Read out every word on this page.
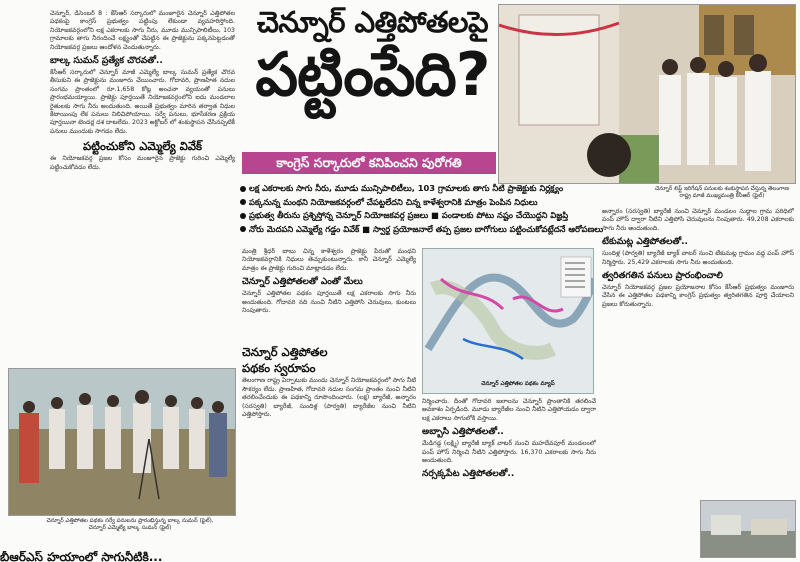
చెన్నూర్, డిసెంబర్ 8 : కేసీఆర్ సర్కారులో మంజూరైన చెన్నూర్ ఎత్తిపోతల పథకంపై కాంగ్రెస్ ప్రభుత్వం పట్టింపు లేకుండా వ్యవహరిస్తోంది. నియోజకవర్గంలోని లక్ష ఎకరాలకు సాగు నీరు, మూడు మున్సిపాలిటీలు, 103 గ్రామాలకు తాగు నీరందించే లక్ష్యంతో చేపట్టిన ఈ ప్రాజెక్టును పక్కనపెట్టడంతో నియోజకవర్గ ప్రజలు ఆందోళన చెందుతున్నారు.

బాల్క సుమన్ ప్రత్యేక చొరవతో..

కేసీఆర్ సర్కారులో చెన్నూర్ మాజీ ఎమ్మెల్యే బాల్క సుమన్ ప్రత్యేక చొరవ తీసుకుని ఈ ప్రాజెక్టును మంజూరు చేయించారు. గోదావరి, ప్రాణహిత నదుల సంగమ ప్రాంతంలో రూ.1,658 కోట్ల అంచనా వ్యయంతో పనులు ప్రారంభమయ్యాయి. ప్రాజెక్టు పూర్తయితే నియోజకవర్గంలోని ఐదు మండలాల రైతులకు సాగు నీరు అందుతుంది. అయితే ప్రభుత్వం మారిన తర్వాత నిధుల కేటాయింపు లేక పనులు నిలిచిపోయాయి. సర్వే పనులు, భూసేకరణ ప్రక్రియ పూర్తయినా టెండర్ల దశ దాటలేదు. 2023 అక్టోబర్ లో శంకుస్థాపన చేసినప్పటికీ పనులు ముందుకు సాగడం లేదు.

పట్టించుకోని ఎమ్మెల్యే వివేక్

ఈ నియోజకవర్గ ప్రజల కోసం మంజూరైన ప్రాజెక్టు గురించి ఎమ్మెల్యే పట్టించుకోవడం లేదు.

చెన్నూర్ ఎత్తిపోతల పథకం సర్వే పనులను ప్రారంభిస్తున్న బాల్క సుమన్ (ఫైల్), చెన్నూర్ ఎమ్మెల్యే బాల్క సుమన్ (ఫైల్)
బీఆర్ఎస్ హయాంలో సాగునీటికి...
చెన్నూర్ ఎత్తిపోతలపై
పట్టింపేది?
కాంగ్రెస్ సర్కారులో కనిపించని పురోగతి
చెన్నూర్ లిఫ్ట్ ఇరిగేషన్ పనులకు శంకుస్థాపన చేస్తున్న తెలంగాణ రాష్ట్ర మాజీ ముఖ్యమంత్రి కేసీఆర్ (ఫైల్)
లక్ష ఎకరాలకు సాగు నీరు, మూడు మున్సిపాలిటీలు, 103 గ్రామాలకు తాగు నీటి ప్రాజెక్టుకు నిర్లక్ష్యం
పక్కనున్న మంథని నియోజకవర్గంలో చేపట్టలేదని చిన్న కాళేశ్వరానికి మాత్రం పెంపిన నిధులు
ప్రభుత్వ తీరును ప్రశ్నిస్తోన్న చెన్నూర్ నియోజకవర్గ ప్రజలు ■ పండాలకు పోటు నష్టం చేయొద్దని విజ్ఞప్తి
నోరు మెదపని ఎమ్మెల్యే గడ్డం వివేక్ ■ స్వార్థ ప్రయోజనాలే తప్ప ప్రజల బాగోగులు పట్టించుకోవట్లేదనే ఆరోపణలు

మంత్రి శ్రీధర్ బాబు చిన్న కాళేశ్వరం ప్రాజెక్టు పేరుతో మంథని నియోజకవర్గానికి నిధులు తెచ్చుకుంటున్నారు. కానీ చెన్నూర్ ఎమ్మెల్యే మాత్రం ఈ ప్రాజెక్టు గురించి మాట్లాడడం లేదు.

చెన్నూర్ ఎత్తిపోతలతో ఎంతో మేలు

చెన్నూర్ ఎత్తిపోతల పథకం పూర్తయితే లక్ష ఎకరాలకు సాగు నీరు అందుతుంది. గోదావరి నది నుంచి నీటిని ఎత్తిపోసి చెరువులు, కుంటలు నింపుతారు.

చెన్నూర్ ఎత్తిపోతల
పథకం స్వరూపం

తెలంగాణ రాష్ట్ర ఏర్పాటుకు ముందు చెన్నూర్ నియోజకవర్గంలో సాగు నీటి సౌకర్యం లేదు. ప్రాణహిత, గోదావరి నదుల సంగమ ప్రాంతం నుంచి నీటిని తరలించేందుకు ఈ పథకాన్ని రూపొందించారు. (లక్ష) బ్యారేజీ, అన్నారం (సరస్వతి) బ్యారేజీ, సుందిళ్ల (పార్వతి) బ్యారేజీల నుంచి నీటిని ఎత్తిపోస్తారు.

చెన్నూర్ ఎత్తిపోతల పథకం మ్యాప్

నిర్మించారు. దీంతో గోదావరి జలాలను చెన్నూర్ ప్రాంతానికి తరలించే అవకాశం ఏర్పడింది. మూడు బ్యారేజీల నుంచి నీటిని ఎత్తిపోయడం ద్వారా లక్ష ఎకరాలు సాగులోకి వస్తాయి.

అబ్బాసి ఎత్తిపోతలతో..

మేడిగడ్డ (లక్ష్మి) బ్యారేజీ బ్యాక్ వాటర్ నుంచి మహదేవపూర్ మండలంలో పంప్ హౌస్ నిర్మించి నీటిని ఎత్తిపోస్తారు. 16,370 ఎకరాలకు సాగు నీరు అందుతుంది.

నర్సక్కపేట ఎత్తిపోతలతో..

అన్నారం (సరస్వతి) బ్యారేజీ నుంచి చెన్నూర్ మండలం సుద్దాల గ్రామ పరిధిలో పంప్ హౌస్ ద్వారా నీటిని ఎత్తిపోసి చెరువులను నింపుతారు. 49,208 ఎకరాలకు సాగు నీరు అందుతుంది.

టేకుమట్ల ఎత్తిపోతలతో..

సుందిళ్ల (పార్వతి) బ్యారేజీ బ్యాక్ వాటర్ నుంచి టేకుమట్ల గ్రామం వద్ద పంప్ హౌస్ నిర్మిస్తారు. 25,429 ఎకరాలకు సాగు నీరు అందుతుంది.

త్వరితగతిన పనులు ప్రారంభించాలి

చెన్నూర్ నియోజకవర్గ ప్రజల ప్రయోజనాల కోసం కేసీఆర్ ప్రభుత్వం మంజూరు చేసిన ఈ ఎత్తిపోతల పథకాన్ని కాంగ్రెస్ ప్రభుత్వం త్వరితగతిన పూర్తి చేయాలని ప్రజలు కోరుతున్నారు.
